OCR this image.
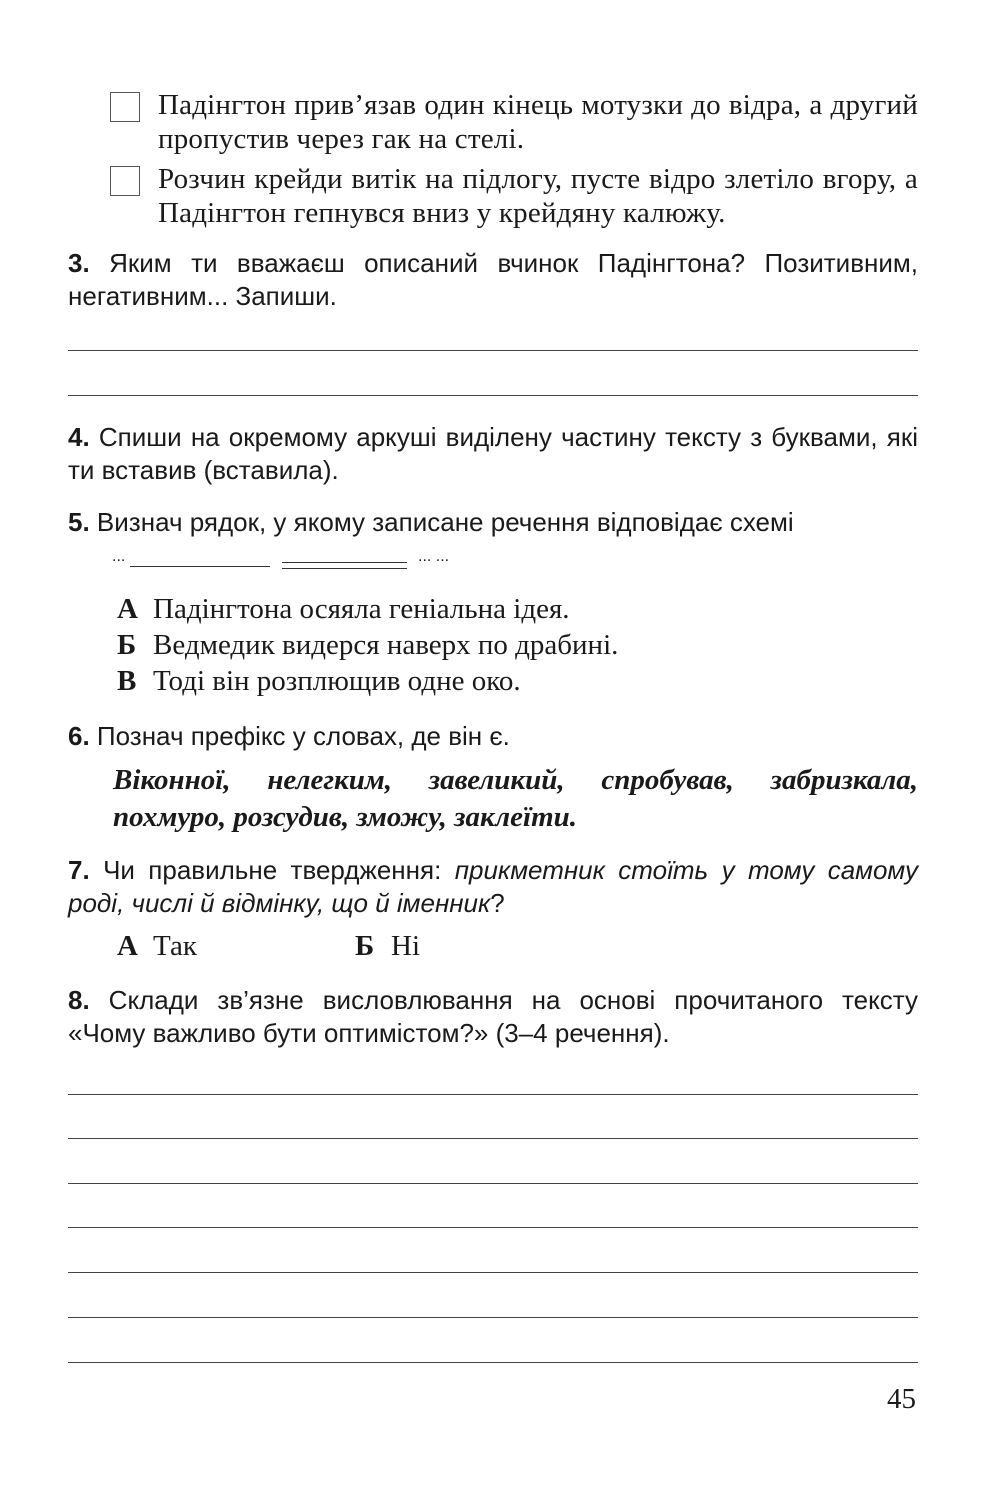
Падінгтон прив’язав один кінець мотузки до відра, а другий пропустив через гак на стелі.
Розчин крейди витік на підлогу, пусте відро злетіло вгору, а Падінгтон гепнувся вниз у крейдяну калюжу.
3. Яким ти вважаєш описаний вчинок Падінгтона? Позитивним, негативним... Запиши.
4. Спиши на окремому аркуші виділену частину тексту з буквами, які ти вставив (вставила).
5. Визнач рядок, у якому записане речення відповідає схемі
...	... ...
А Падінгтона осяяла геніальна ідея.
Б Ведмедик видерся наверх по драбині.
В Тоді він розплющив одне око.
6. Познач префікс у словах, де він є.
Віконної, нелегким, завеликий, спробував, забризкала, похмуро, розсудив, зможу, заклеїти.
7. Чи правильне твердження: прикметник стоїть у тому самому роді, числі й відмінку, що й іменник?
А Так	Б Ні
8. Склади зв’язне висловлювання на основі прочитаного тексту «Чому важливо бути оптимістом?» (3–4 речення).
45
